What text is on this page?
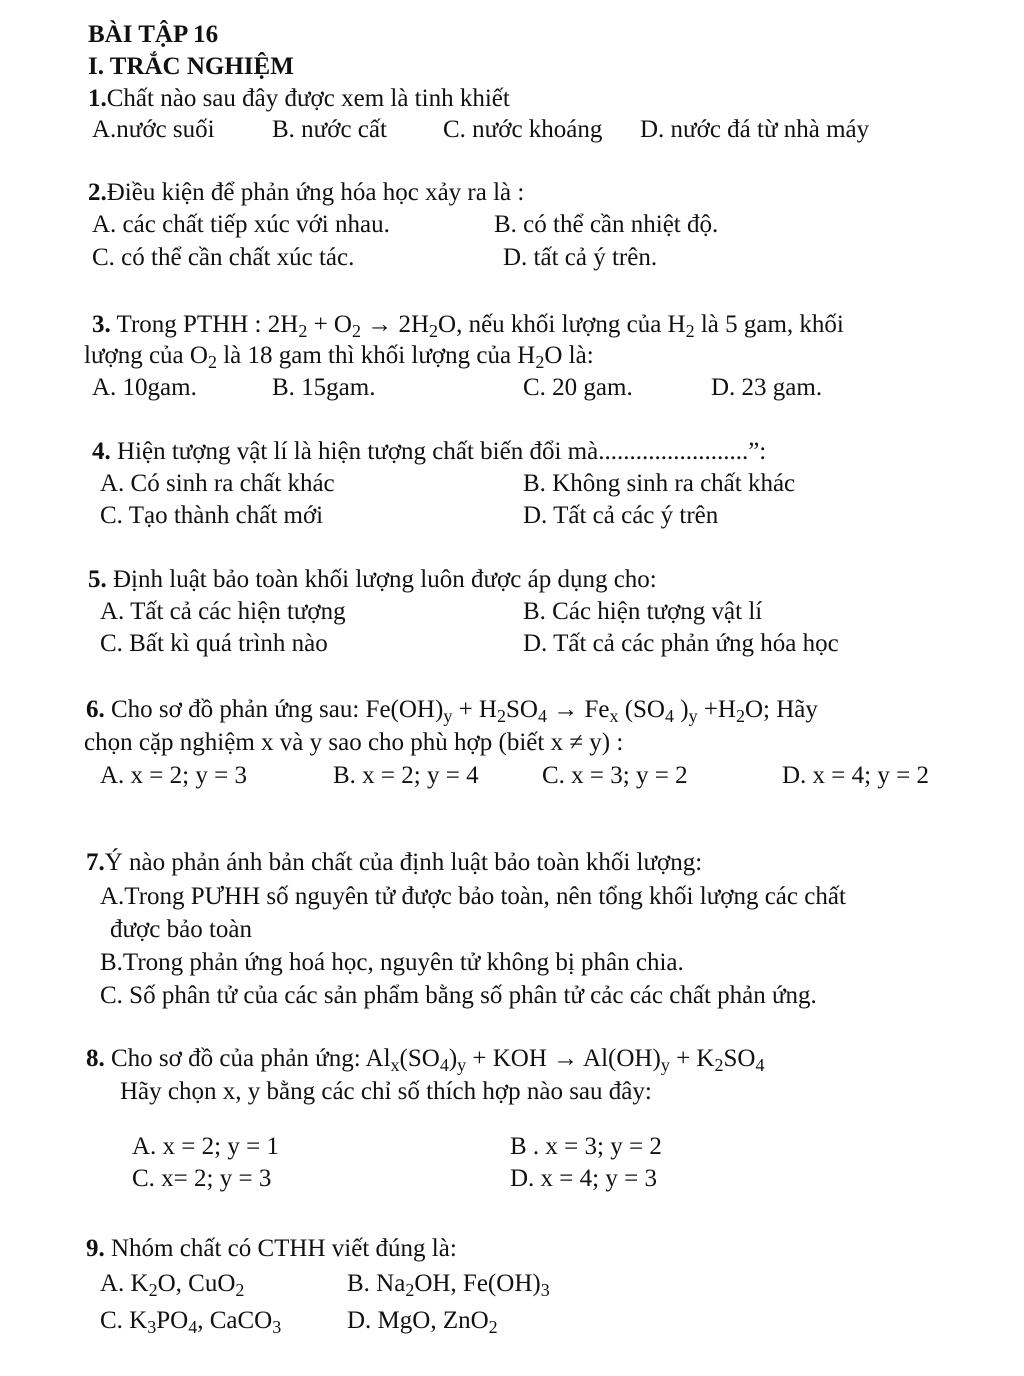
BÀI TẬP 16
I. TRẮC NGHIỆM
1.Chất nào sau đây được xem là tinh khiết
A.nước suối B. nước cất C. nước khoáng D. nước đá từ nhà máy
2.Điều kiện để phản ứng hóa học xảy ra là :
A. các chất tiếp xúc với nhau.	B. có thể cần nhiệt độ.
C. có thể cần chất xúc tác.	D. tất cả ý trên.
3. Trong PTHH : $2H_2 + O_2 \to 2H_2O$, nếu khối lượng của $H_2$ là 5 gam, khối
lượng của $O_2$ là 18 gam thì khối lượng của $H_2O$ là:
A. 10gam.	B. 15gam.	C. 20 gam.	D. 23 gam.
4. Hiện tượng vật lí là hiện tượng chất biến đổi mà........................”:
A. Có sinh ra chất khác	B. Không sinh ra chất khác
C. Tạo thành chất mới	D. Tất cả các ý trên
5. Định luật bảo toàn khối lượng luôn được áp dụng cho:
A. Tất cả các hiện tượng	B. Các hiện tượng vật lí
C. Bất kì quá trình nào	D. Tất cả các phản ứng hóa học
6. Cho sơ đồ phản ứng sau: $Fe(OH)_y + H_2SO_4 \to Fe_x$ ($SO_4$ )$_y +H_2O$; Hãy
chọn cặp nghiệm x và y sao cho phù hợp (biết x ≠ y) :
A. x = 2; y = 3	B. x = 2; y = 4	C. x = 3; y = 2	D. x = 4; y = 2
7.Ý nào phản ánh bản chất của định luật bảo toàn khối lượng:
A.Trong PƯHH số nguyên tử được bảo toàn, nên tổng khối lượng các chất
được bảo toàn
B.Trong phản ứng hoá học, nguyên tử không bị phân chia.
C. Số phân tử của các sản phẩm bằng số phân tử cảc các chất phản ứng.
8. Cho sơ đồ của phản ứng: $Al_x(SO_4)_y$ + KOH → $Al(OH)_y + K_2SO_4$
Hãy chọn x, y bằng các chỉ số thích hợp nào sau đây:
A. x = 2; y = 1	B . x = 3; y = 2
C. x= 2; y = 3	D. x = 4; y = 3
9. Nhóm chất có CTHH viết đúng là:
A. $K_2O$, CuO$_2$	B. $Na_2OH$, $Fe(OH)_3$
C. $K_3PO_4$, CaCO$_3$	D. MgO, ZnO$_2$
